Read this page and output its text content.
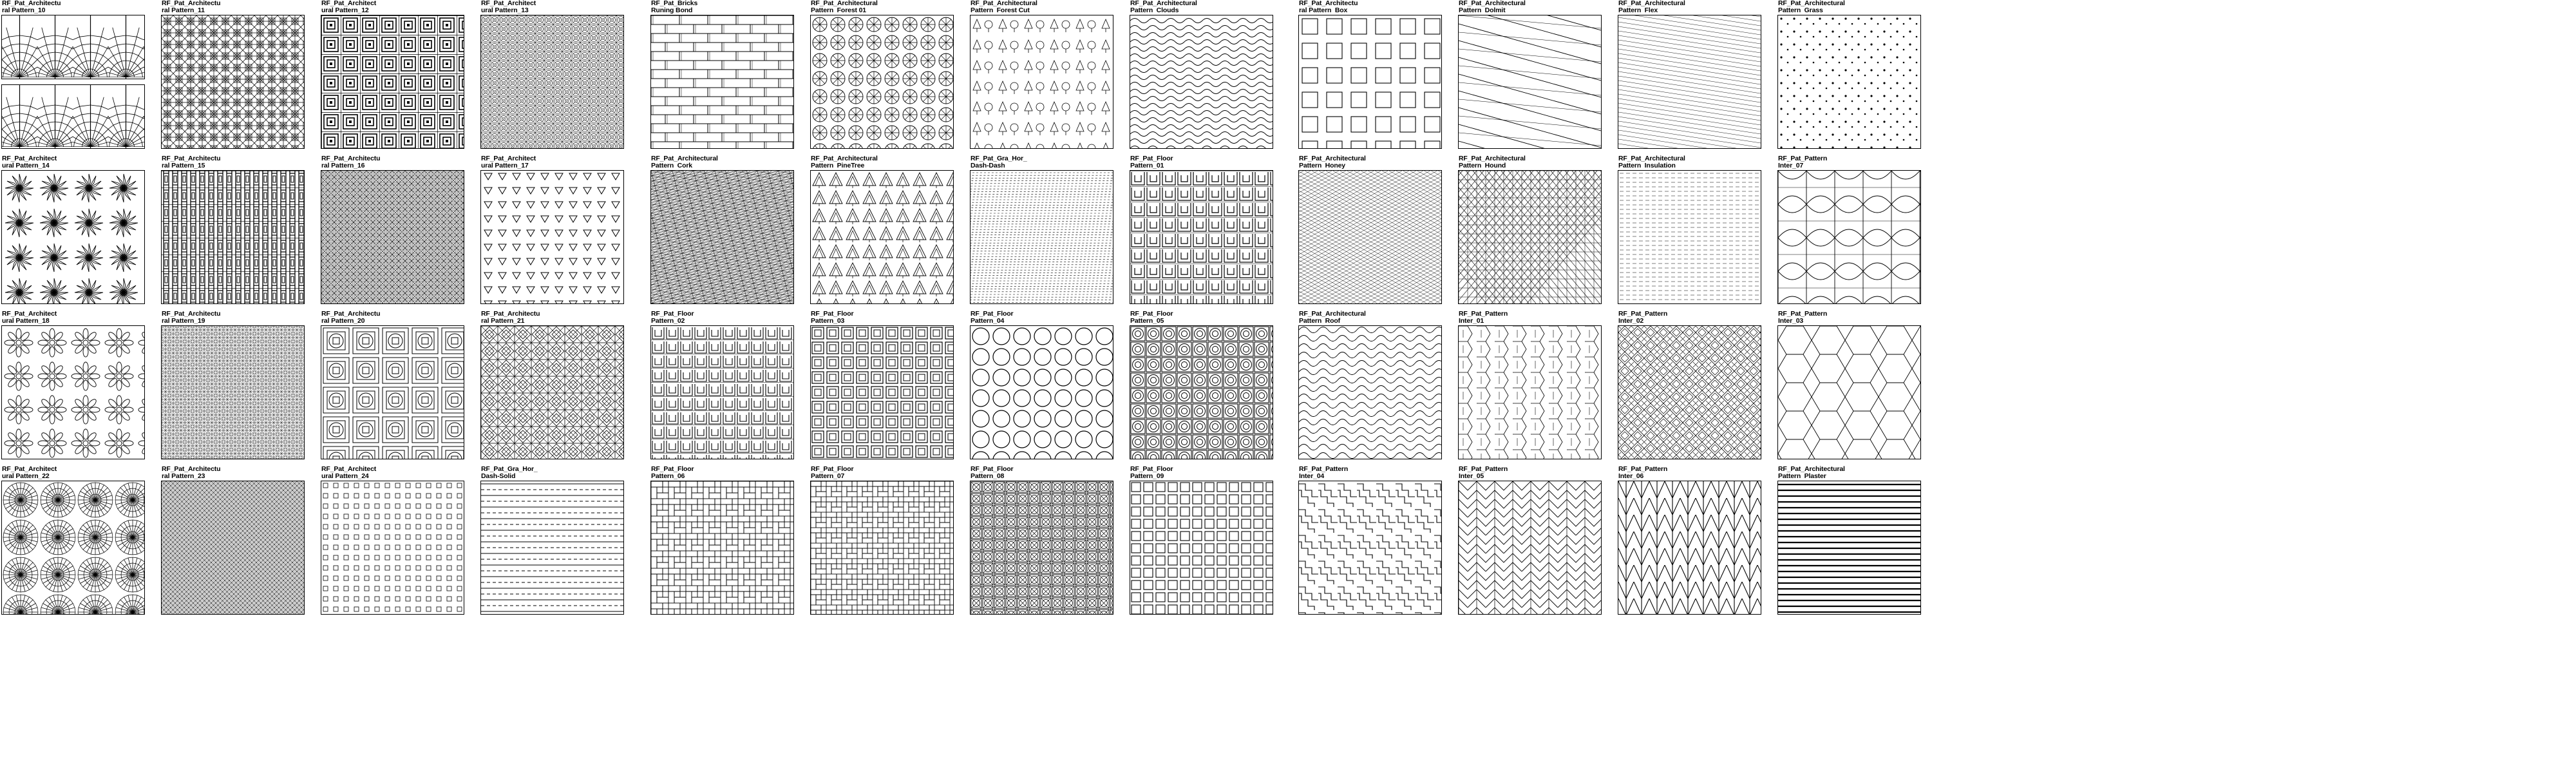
RF_Pat_Architectu
ral Pattern_10
RF_Pat_Architectu
ral Pattern_11
RF_Pat_Architect
ural Pattern_12
RF_Pat_Architect
ural Pattern_13
RF_Pat_Architect
ural Pattern_14
RF_Pat_Architectu
ral Pattern_15
RF_Pat_Architectu
ral Pattern_16
RF_Pat_Architect
ural Pattern_17
RF_Pat_Architect
ural Pattern_18
RF_Pat_Architectu
ral Pattern_19
RF_Pat_Architectu
ral Pattern_20
RF_Pat_Architectu
ral Pattern_21
RF_Pat_Architect
ural Pattern_22
RF_Pat_Architectu
ral Pattern_23
RF_Pat_Architect
ural Pattern_24
RF_Pat_Gra_Hor_
Dash-Solid
RF_Pat_Bricks
Runing Bond
RF_Pat_Architectural
Pattern  Forest 01
RF_Pat_Architectural
Pattern  Forest Cut
RF_Pat_Architectural
Pattern  Clouds
RF_Pat_Architectural
Pattern  Cork
RF_Pat_Architectural
Pattern  PineTree
RF_Pat_Gra_Hor_
Dash-Dash
RF_Pat_Floor
Pattern_01
RF_Pat_Floor
Pattern_02
RF_Pat_Floor
Pattern_03
RF_Pat_Floor
Pattern_04
RF_Pat_Floor
Pattern_05
RF_Pat_Floor
Pattern_06
RF_Pat_Floor
Pattern_07
RF_Pat_Floor
Pattern_08
RF_Pat_Floor
Pattern_09
RF_Pat_Architectu
ral Pattern  Box
RF_Pat_Architectural
Pattern  Dolmit
RF_Pat_Architectural
Pattern  Flex
RF_Pat_Architectural
Pattern  Grass
RF_Pat_Architectural
Pattern  Honey
RF_Pat_Architectural
Pattern  Hound
RF_Pat_Architectural
Pattern  Insulation
RF_Pat_Pattern
Inter_07
RF_Pat_Architectural
Pattern  Roof
RF_Pat_Pattern
Inter_01
RF_Pat_Pattern
Inter_02
RF_Pat_Pattern
Inter_03
RF_Pat_Pattern
Inter_04
RF_Pat_Pattern
Inter_05
RF_Pat_Pattern
Inter_06
RF_Pat_Architectural
Pattern  Plaster
